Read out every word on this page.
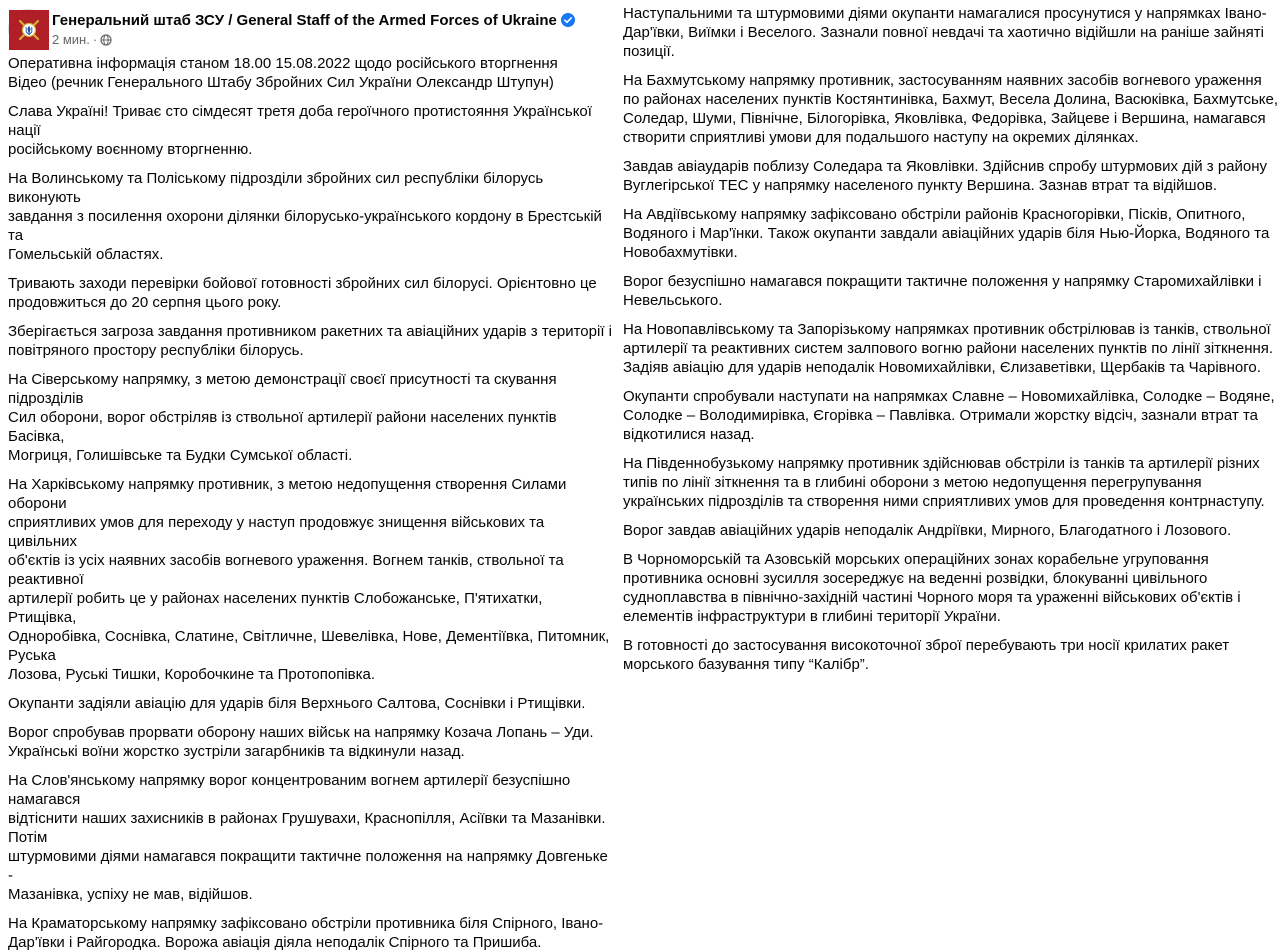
Генеральний штаб ЗСУ / General Staff of the Armed Forces of Ukraine
2 мин. ·

Оперативна інформація станом 18.00 15.08.2022 щодо російського вторгнення
Відео (речник Генерального Штабу Збройних Сил України Олександр Штупун)

Слава Україні! Триває сто сімдесят третя доба героїчного протистояння Української нації
російському воєнному вторгненню.

На Волинському та Поліському підрозділи збройних сил республіки білорусь виконують
завдання з посилення охорони ділянки білорусько-українського кордону в Брестській та
Гомельській областях.

Тривають заходи перевірки бойової готовності збройних сил білорусі. Орієнтовно це
продовжиться до 20 серпня цього року.

Зберігається загроза завдання противником ракетних та авіаційних ударів з території і
повітряного простору республіки білорусь.

На Сіверському напрямку, з метою демонстрації своєї присутності та скування підрозділів
Сил оборони, ворог обстріляв із ствольної артилерії райони населених пунктів Басівка,
Могриця, Голишівське та Будки Сумської області.

На Харківському напрямку противник, з метою недопущення створення Силами оборони
сприятливих умов для переходу у наступ продовжує знищення військових та цивільних
об'єктів із усіх наявних засобів вогневого ураження. Вогнем танків, ствольної та реактивної
артилерії робить це у районах населених пунктів Слобожанське, П'ятихатки, Ртищівка,
Одноробівка, Соснівка, Слатине, Світличне, Шевелівка, Нове, Дементіївка, Питомник, Руська
Лозова, Руські Тишки, Коробочкине та Протопопівка.

Окупанти задіяли авіацію для ударів біля Верхнього Салтова, Соснівки і Ртищівки.

Ворог спробував прорвати оборону наших військ на напрямку Козача Лопань – Уди.
Українські воїни жорстко зустріли загарбників та відкинули назад.

На Слов'янському напрямку ворог концентрованим вогнем артилерії безуспішно намагався
відтіснити наших захисників в районах Грушувахи, Краснопілля, Асіївки та Мазанівки. Потім
штурмовими діями намагався покращити тактичне положення на напрямку Довгеньке -
Мазанівка, успіху не мав, відійшов.

На Краматорському напрямку зафіксовано обстріли противника біля Спірного, Івано-
Дар'ївки і Райгородка. Ворожа авіація діяла неподалік Спірного та Пришиба.

Наступальними та штурмовими діями окупанти намагалися просунутися у напрямках Івано-
Дар'ївки, Виїмки і Веселого. Зазнали повної невдачі та хаотично відійшли на раніше зайняті
позиції.

На Бахмутському напрямку противник, застосуванням наявних засобів вогневого ураження
по районах населених пунктів Костянтинівка, Бахмут, Весела Долина, Васюківка, Бахмутське,
Соледар, Шуми, Північне, Білогорівка, Яковлівка, Федорівка, Зайцеве і Вершина, намагався
створити сприятливі умови для подальшого наступу на окремих ділянках.

Завдав авіаударів поблизу Соледара та Яковлівки. Здійснив спробу штурмових дій з району
Вуглегірської ТЕС у напрямку населеного пункту Вершина. Зазнав втрат та відійшов.

На Авдіївському напрямку зафіксовано обстріли районів Красногорівки, Пісків, Опитного,
Водяного і Мар'їнки. Також окупанти завдали авіаційних ударів біля Нью-Йорка, Водяного та
Новобахмутівки.

Ворог безуспішно намагався покращити тактичне положення у напрямку Старомихайлівки і
Невельського.

На Новопавлівському та Запорізькому напрямках противник обстрілював із танків, ствольної
артилерії та реактивних систем залпового вогню райони населених пунктів по лінії зіткнення.
Задіяв авіацію для ударів неподалік Новомихайлівки, Єлизаветівки, Щербаків та Чарівного.

Окупанти спробували наступати на напрямках Славне – Новомихайлівка, Солодке – Водяне,
Солодке – Володимирівка, Єгорівка – Павлівка. Отримали жорстку відсіч, зазнали втрат та
відкотилися назад.

На Південнобузькому напрямку противник здійснював обстріли із танків та артилерії різних
типів по лінії зіткнення та в глибині оборони з метою недопущення перегрупування
українських підрозділів та створення ними сприятливих умов для проведення контрнаступу.

Ворог завдав авіаційних ударів неподалік Андріївки, Мирного, Благодатного і Лозового.

В Чорноморській та Азовській морських операційних зонах корабельне угруповання
противника основні зусилля зосереджує на веденні розвідки, блокуванні цивільного
судноплавства в північно-західній частині Чорного моря та ураженні військових об'єктів і
елементів інфраструктури в глибині території України.

В готовності до застосування високоточної зброї перебувають три носії крилатих ракет
морського базування типу “Калібр”.
